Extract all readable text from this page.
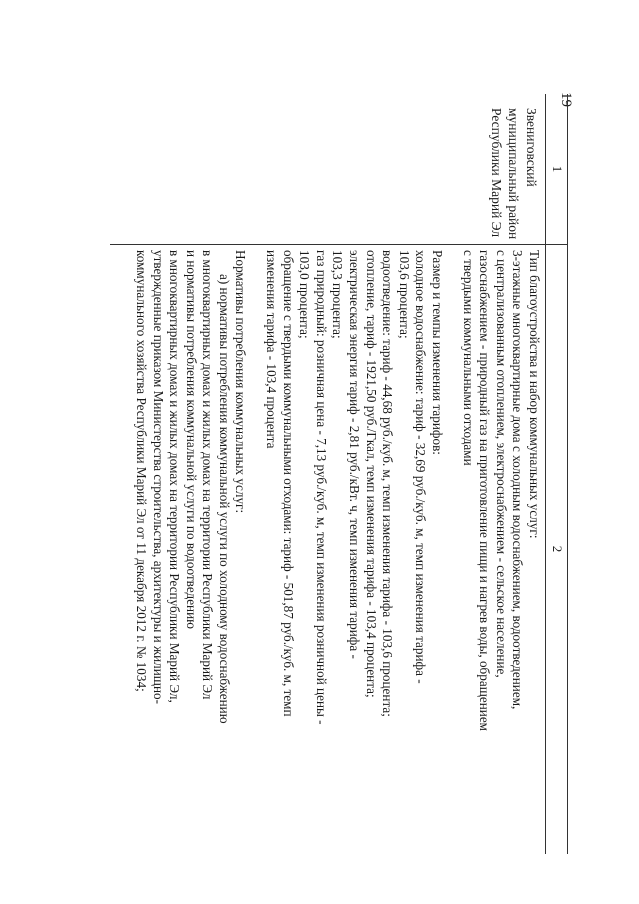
19
1
2
Звениговский
муниципальный район
Республики Марий Эл
Тип благоустройства и набор коммунальных услуг:
3-этажные многоквартирные дома с холодным водоснабжением, водоотведением,
с централизованным отоплением, электроснабжением - сельское население,
газоснабжением - природный газ на приготовление пищи и нагрев воды, обращением
с твердыми коммунальными отходами
Размер и темпы изменения тарифов:
холодное водоснабжение: тариф - 32,69 руб./куб. м, темп изменения тарифа -
103,6 процента;
водоотведение: тариф - 44,68 руб./куб. м, темп изменения тарифа - 103,6 процента;
отопление, тариф - 1921,50 руб./Гкал, темп изменения тарифа - 103,4 процента;
электрическая энергия тариф - 2,81 руб./кВт. ч, темп изменения тарифа -
103,3 процента;
газ природный: розничная цена - 7,13 руб./куб. м, темп изменения розничной цены -
103,0 процента;
обращение с твердыми коммунальными отходами: тариф - 501,87 руб./куб. м, темп
изменения тарифа - 103,4 процента
Нормативы потребления коммунальных услуг:
а) нормативы потребления коммунальной услуги по холодному водоснабжению
в многоквартирных домах и жилых домах на территории Республики Марий Эл
и нормативы потребления коммунальной услуги по водоотведению
в многоквартирных домах и жилых домах на территории Республики Марий Эл,
утвержденные приказом Министерства строительства, архитектуры и жилищно-
коммунального хозяйства Республики Марий Эл от 11 декабря 2012 г. № 1034;
